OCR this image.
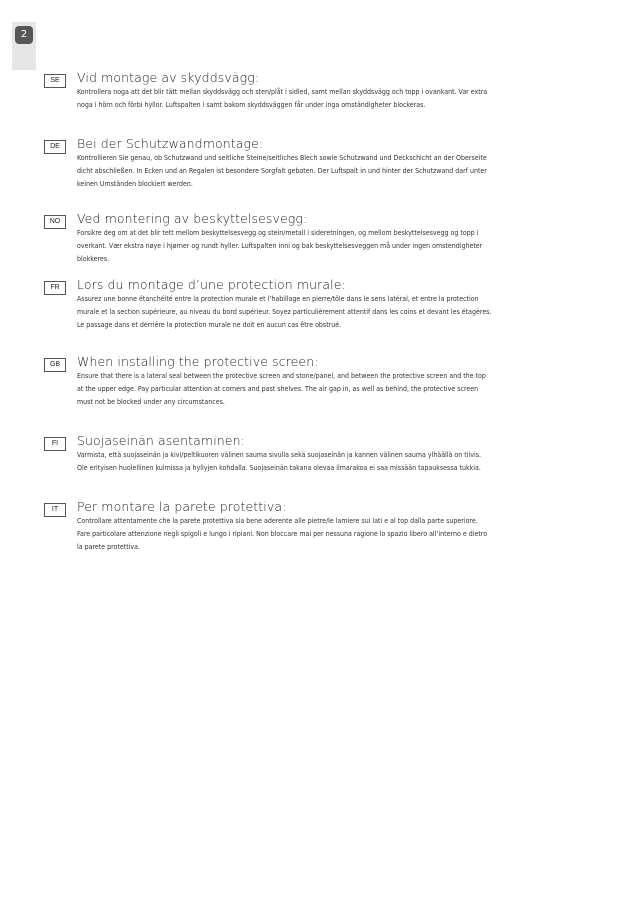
2
SE	Vid montage av skyddsvägg:

Kontrollera noga att det blir tätt mellan skyddsvägg och sten/plåt i sidled, samt mellan skyddsvägg och topp i ovankant. Var extra noga i hörn och förbi hyllor. Luftspalten i samt bakom skyddsväggen får under inga omständigheter blockeras.

DE	Bei der Schutzwandmontage:

Kontrollieren Sie genau, ob Schutzwand und seitliche Steine/seitliches Blech sowie Schutzwand und Deckschicht an der Oberseite dicht abschließen. In Ecken und an Regalen ist besondere Sorgfalt geboten. Der Luftspalt in und hinter der Schutzwand darf unter keinen Umständen blockiert werden.

NO	Ved montering av beskyttelsesvegg:

Forsikre deg om at det blir tett mellom beskyttelsesvegg og stein/metall i sideretningen, og mellom beskyttelsesvegg og topp i overkant. Vær ekstra nøye i hjørner og rundt hyller. Luftspalten inni og bak beskyttelsesveggen må under ingen omstendigheter blokkeres.

FR	Lors du montage d’une protection murale:

Assurez une bonne étanchéité entre la protection murale et l’habillage en pierre/tôle dans le sens latéral, et entre la protection murale et la section supérieure, au niveau du bord supérieur. Soyez particulièrement attentif dans les coins et devant les étagères. Le passage dans et derrière la protection murale ne doit en aucun cas être obstrué.

GB	When installing the protective screen:

Ensure that there is a lateral seal between the protective screen and stone/panel, and between the protective screen and the top at the upper edge. Pay particular attention at corners and past shelves. The air gap in, as well as behind, the protective screen must not be blocked under any circumstances.

FI	Suojaseinän asentaminen:

Varmista, että suojaseinän ja kivi/peltikuoren välinen sauma sivulla sekä suojaseinän ja kannen välinen sauma ylhäällä on tiivis. Ole erityisen huolellinen kulmissa ja hyllyjen kohdalla. Suojaseinän takana olevaa ilmarakoa ei saa missään tapauksessa tukkia.

IT	Per montare la parete protettiva:

Controllare attentamente che la parete protettiva sia bene aderente alle pietre/le lamiere sui lati e al top dalla parte superiore. Fare particolare attenzione negli spigoli e lungo i ripiani. Non bloccare mai per nessuna ragione lo spazio libero all’interno e dietro la parete protettiva.
